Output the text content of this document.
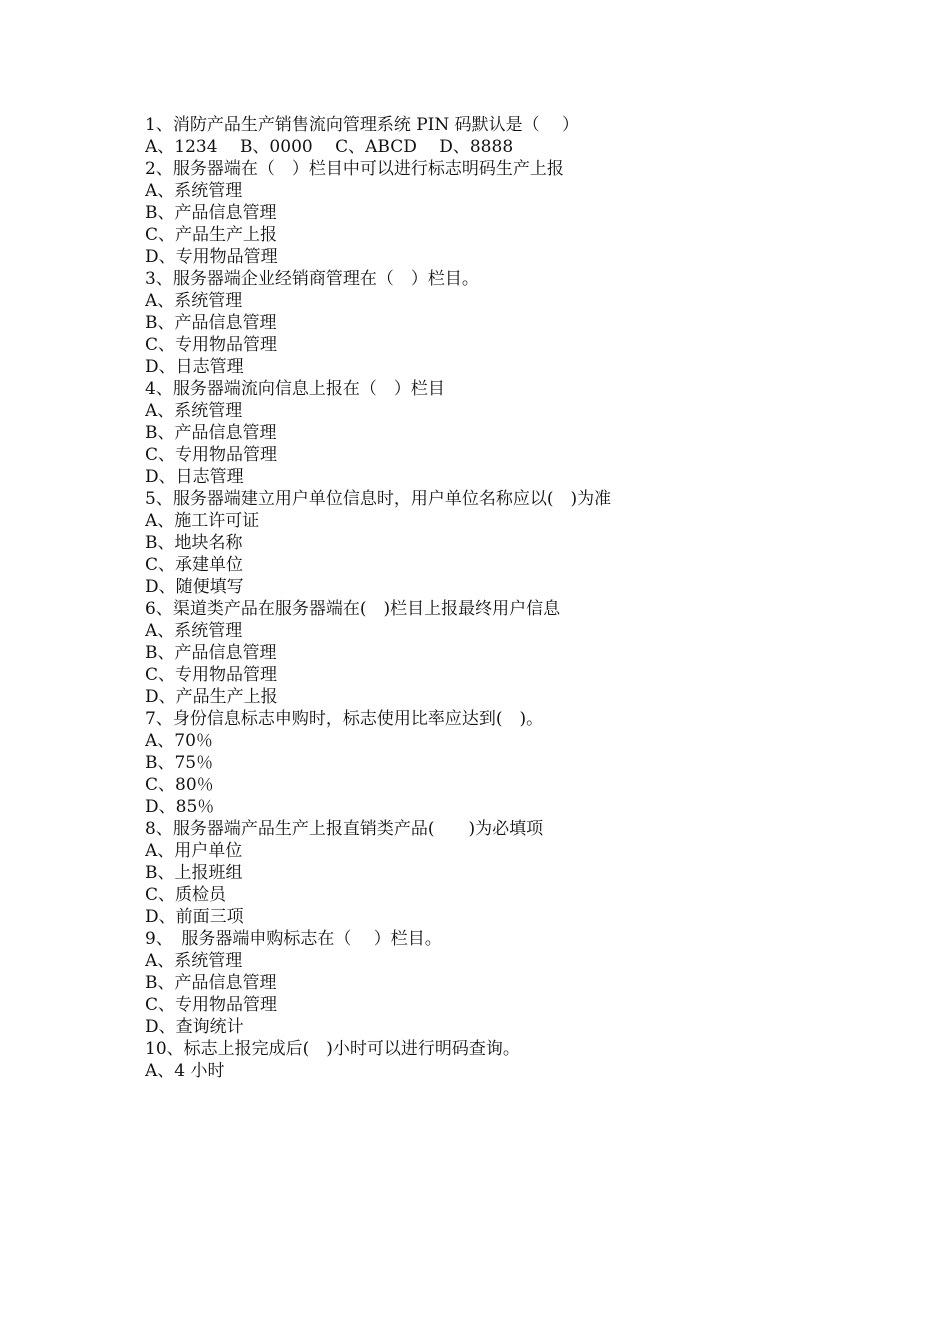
1、消防产品生产销售流向管理系统 PIN 码默认是（　 ）
A、1234　 B、0000　 C、ABCD　 D、8888
2、服务器端在（　）栏目中可以进行标志明码生产上报
A、系统管理
B、产品信息管理
C、产品生产上报
D、专用物品管理
3、服务器端企业经销商管理在（　）栏目。
A、系统管理
B、产品信息管理
C、专用物品管理
D、日志管理
4、服务器端流向信息上报在（　）栏目
A、系统管理
B、产品信息管理
C、专用物品管理
D、日志管理
5、服务器端建立用户单位信息时，用户单位名称应以(　)为准
A、施工许可证
B、地块名称
C、承建单位
D、随便填写
6、渠道类产品在服务器端在(　)栏目上报最终用户信息
A、系统管理
B、产品信息管理
C、专用物品管理
D、产品生产上报
7、身份信息标志申购时，标志使用比率应达到(　)。
A、70％
B、75％
C、80％
D、85％
8、服务器端产品生产上报直销类产品(　　)为必填项
A、用户单位
B、上报班组
C、质检员
D、前面三项
9、　服务器端申购标志在（　 ）栏目。
A、系统管理
B、产品信息管理
C、专用物品管理
D、查询统计
10、标志上报完成后(　)小时可以进行明码查询。
A、4 小时
